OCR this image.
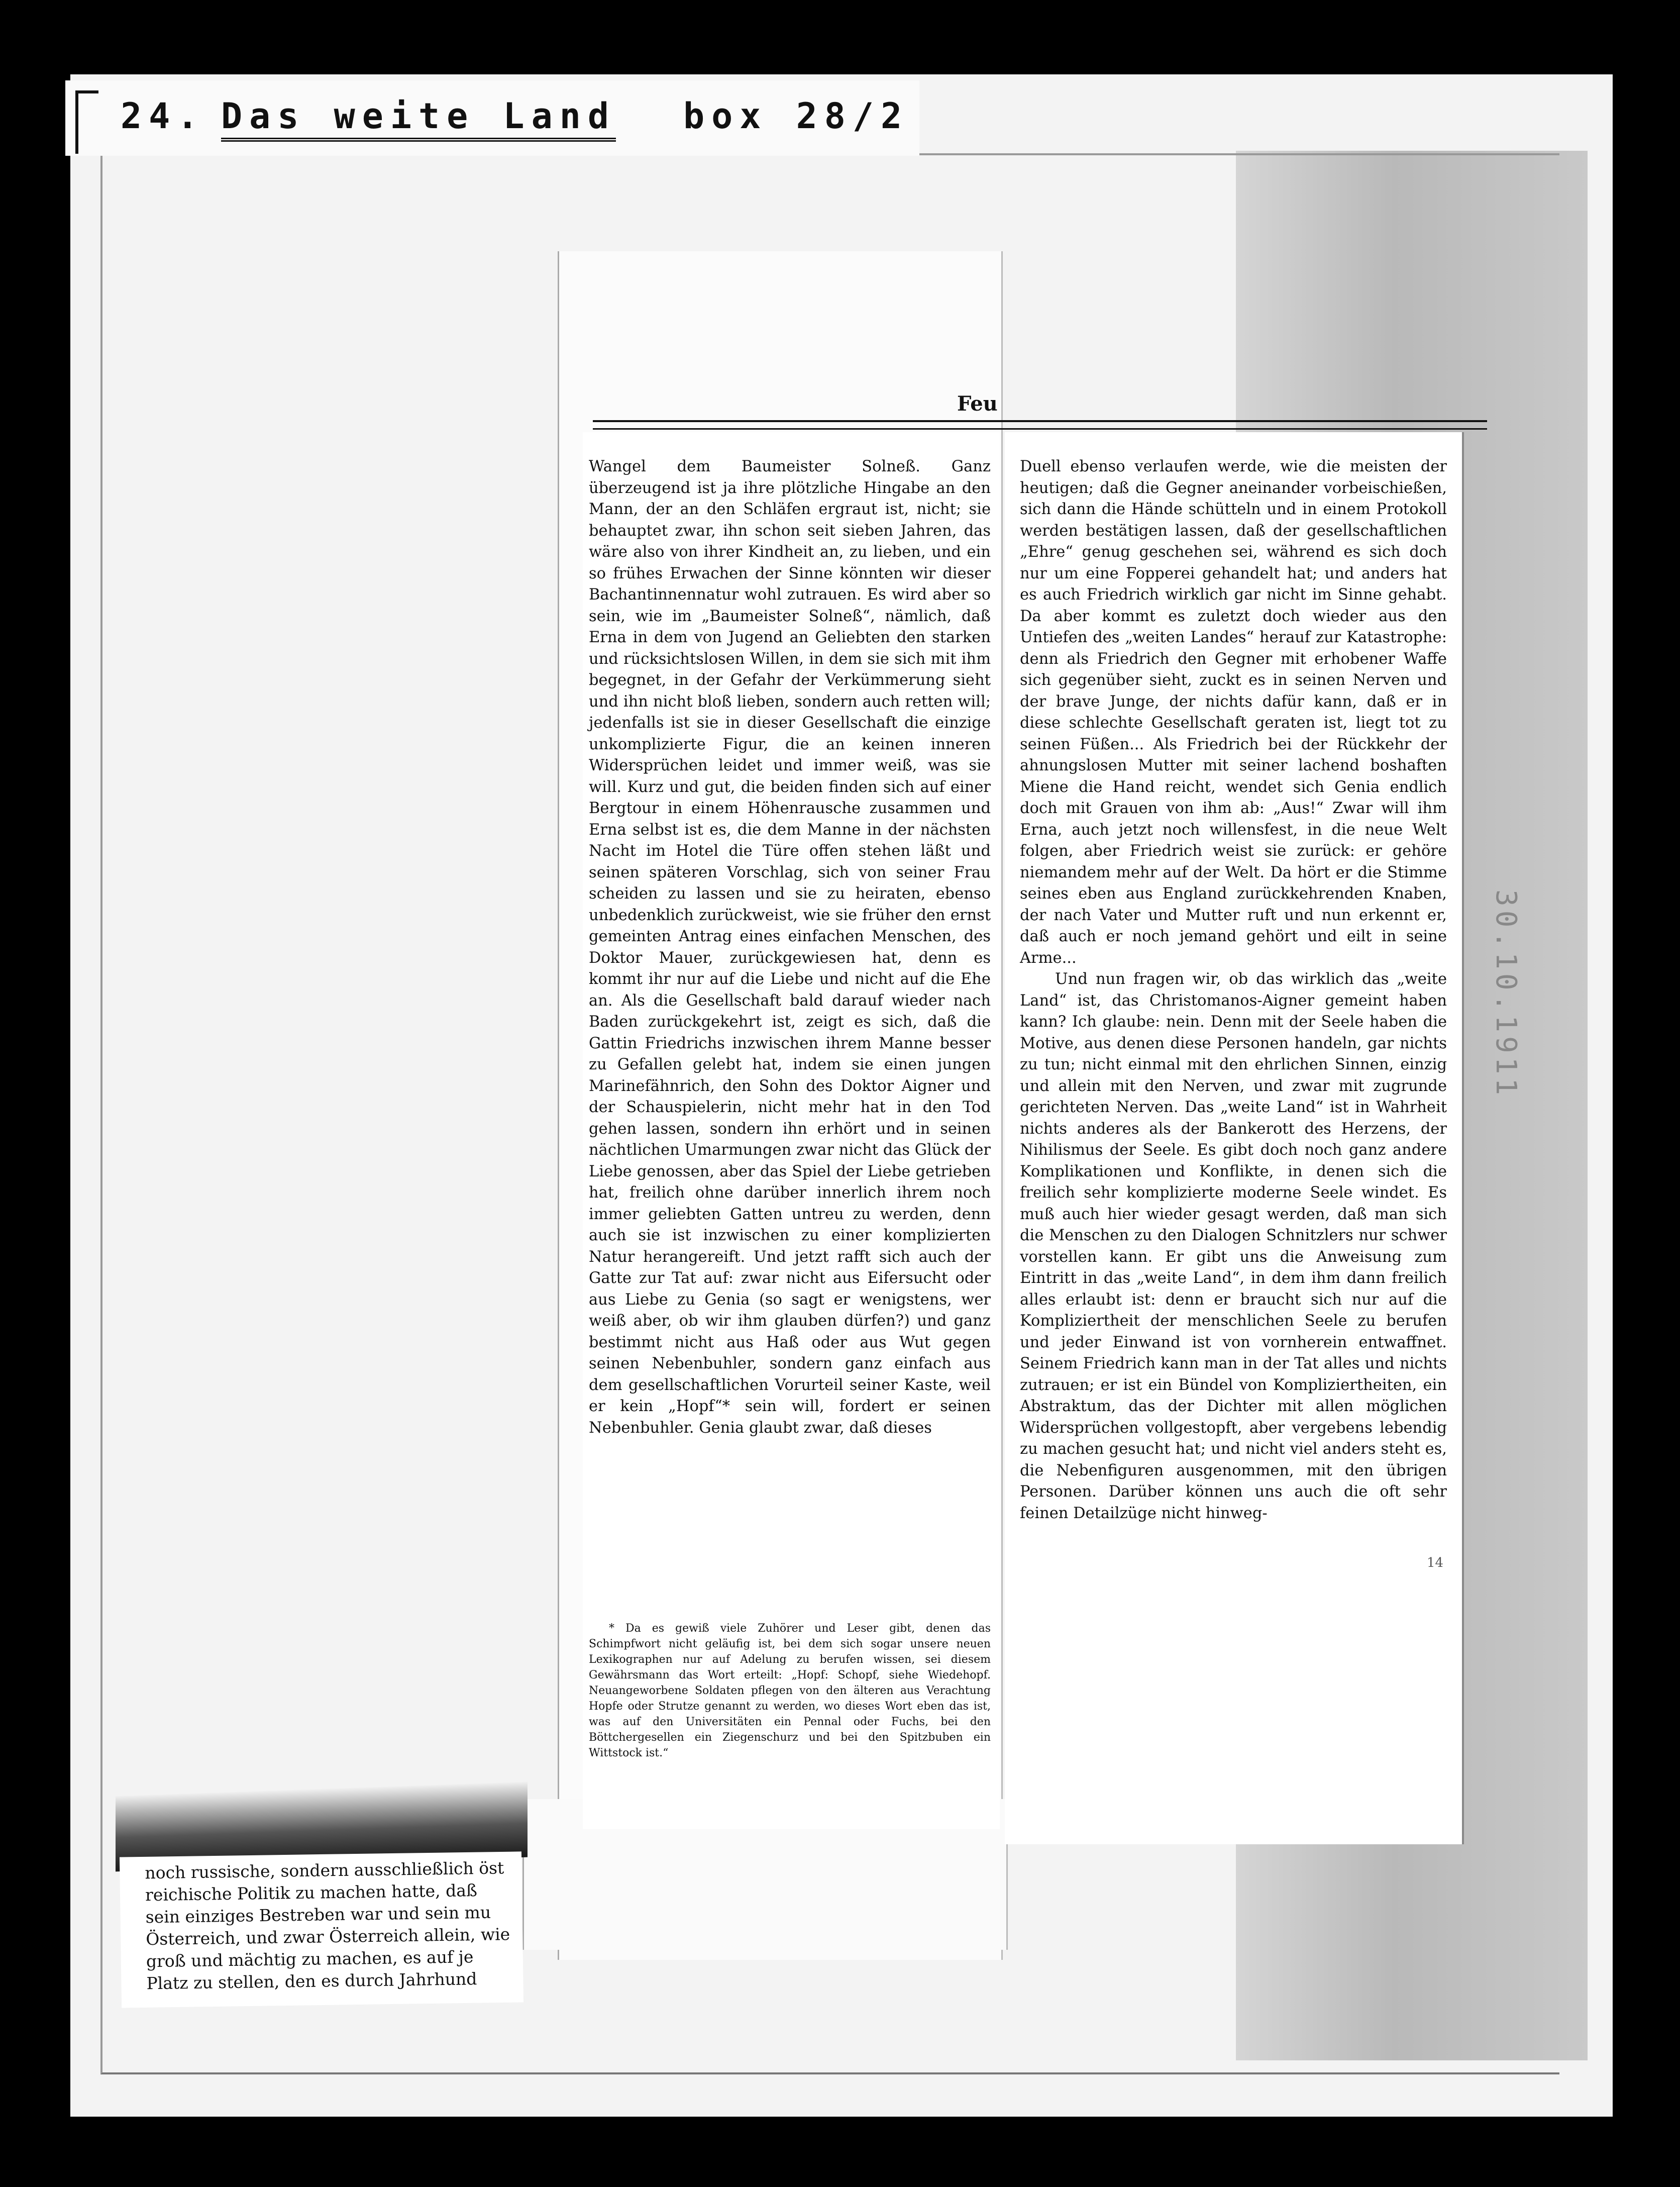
24. Das weite Land box 28/2
Feu

Wangel dem Baumeister Solneß. Ganz überzeugend ist ja ihre plötzliche Hingabe an den Mann, der an den Schläfen ergraut ist, nicht; sie behauptet zwar, ihn schon seit sieben Jahren, das wäre also von ihrer Kindheit an, zu lieben, und ein so frühes Erwachen der Sinne könnten wir dieser Bachantinnennatur wohl zutrauen. Es wird aber so sein, wie im „Baumeister Solneß“, nämlich, daß Erna in dem von Jugend an Geliebten den starken und rücksichtslosen Willen, in dem sie sich mit ihm begegnet, in der Gefahr der Verkümmerung sieht und ihn nicht bloß lieben, sondern auch retten will; jedenfalls ist sie in dieser Gesellschaft die einzige unkomplizierte Figur, die an keinen inneren Widersprüchen leidet und immer weiß, was sie will. Kurz und gut, die beiden finden sich auf einer Bergtour in einem Höhenrausche zusammen und Erna selbst ist es, die dem Manne in der nächsten Nacht im Hotel die Türe offen stehen läßt und seinen späteren Vorschlag, sich von seiner Frau scheiden zu lassen und sie zu heiraten, ebenso unbedenklich zurückweist, wie sie früher den ernst gemeinten Antrag eines einfachen Menschen, des Doktor Mauer, zurückgewiesen hat, denn es kommt ihr nur auf die Liebe und nicht auf die Ehe an. Als die Gesellschaft bald darauf wieder nach Baden zurückgekehrt ist, zeigt es sich, daß die Gattin Friedrichs inzwischen ihrem Manne besser zu Gefallen gelebt hat, indem sie einen jungen Marinefähnrich, den Sohn des Doktor Aigner und der Schauspielerin, nicht mehr hat in den Tod gehen lassen, sondern ihn erhört und in seinen nächtlichen Umarmungen zwar nicht das Glück der Liebe genossen, aber das Spiel der Liebe getrieben hat, freilich ohne darüber innerlich ihrem noch immer geliebten Gatten untreu zu werden, denn auch sie ist inzwischen zu einer komplizierten Natur herangereift. Und jetzt rafft sich auch der Gatte zur Tat auf: zwar nicht aus Eifersucht oder aus Liebe zu Genia (so sagt er wenigstens, wer weiß aber, ob wir ihm glauben dürfen?) und ganz bestimmt nicht aus Haß oder aus Wut gegen seinen Nebenbuhler, sondern ganz einfach aus dem gesellschaftlichen Vorurteil seiner Kaste, weil er kein „Hopf“* sein will, fordert er seinen Nebenbuhler. Genia glaubt zwar, daß dieses

* Da es gewiß viele Zuhörer und Leser gibt, denen das Schimpfwort nicht geläufig ist, bei dem sich sogar unsere neuen Lexikographen nur auf Adelung zu berufen wissen, sei diesem Gewährsmann das Wort erteilt: „Hopf: Schopf, siehe Wiedehopf. Neuangeworbene Soldaten pflegen von den älteren aus Verachtung Hopfe oder Strutze genannt zu werden, wo dieses Wort eben das ist, was auf den Universitäten ein Pennal oder Fuchs, bei den Böttchergesellen ein Ziegenschurz und bei den Spitzbuben ein Wittstock ist.“

Duell ebenso verlaufen werde, wie die meisten der heutigen; daß die Gegner aneinander vorbeischießen, sich dann die Hände schütteln und in einem Protokoll werden bestätigen lassen, daß der gesellschaftlichen „Ehre“ genug geschehen sei, während es sich doch nur um eine Fopperei gehandelt hat; und anders hat es auch Friedrich wirklich gar nicht im Sinne gehabt. Da aber kommt es zuletzt doch wieder aus den Untiefen des „weiten Landes“ herauf zur Katastrophe: denn als Friedrich den Gegner mit erhobener Waffe sich gegenüber sieht, zuckt es in seinen Nerven und der brave Junge, der nichts dafür kann, daß er in diese schlechte Gesellschaft geraten ist, liegt tot zu seinen Füßen... Als Friedrich bei der Rückkehr der ahnungslosen Mutter mit seiner lachend boshaften Miene die Hand reicht, wendet sich Genia endlich doch mit Grauen von ihm ab: „Aus!“ Zwar will ihm Erna, auch jetzt noch willensfest, in die neue Welt folgen, aber Friedrich weist sie zurück: er gehöre niemandem mehr auf der Welt. Da hört er die Stimme seines eben aus England zurückkehrenden Knaben, der nach Vater und Mutter ruft und nun erkennt er, daß auch er noch jemand gehört und eilt in seine Arme...

Und nun fragen wir, ob das wirklich das „weite Land“ ist, das Christomanos-Aigner gemeint haben kann? Ich glaube: nein. Denn mit der Seele haben die Motive, aus denen diese Personen handeln, gar nichts zu tun; nicht einmal mit den ehrlichen Sinnen, einzig und allein mit den Nerven, und zwar mit zugrunde gerichteten Nerven. Das „weite Land“ ist in Wahrheit nichts anderes als der Bankerott des Herzens, der Nihilismus der Seele. Es gibt doch noch ganz andere Komplikationen und Konflikte, in denen sich die freilich sehr komplizierte moderne Seele windet. Es muß auch hier wieder gesagt werden, daß man sich die Menschen zu den Dialogen Schnitzlers nur schwer vorstellen kann. Er gibt uns die Anweisung zum Eintritt in das „weite Land“, in dem ihm dann freilich alles erlaubt ist: denn er braucht sich nur auf die Kompliziertheit der menschlichen Seele zu berufen und jeder Einwand ist von vornherein entwaffnet. Seinem Friedrich kann man in der Tat alles und nichts zutrauen; er ist ein Bündel von Kompliziertheiten, ein Abstraktum, das der Dichter mit allen möglichen Widersprüchen vollgestopft, aber vergebens lebendig zu machen gesucht hat; und nicht viel anders steht es, die Nebenfiguren ausgenommen, mit den übrigen Personen. Darüber können uns auch die oft sehr feinen Detailzüge nicht hinweg-

noch russische, sondern ausschließlich öst
reichische Politik zu machen hatte, daß
sein einziges Bestreben war und sein mu
Österreich, und zwar Österreich allein, wie
groß und mächtig zu machen, es auf je
Platz zu stellen, den es durch Jahrhund
30.10.1911
14
